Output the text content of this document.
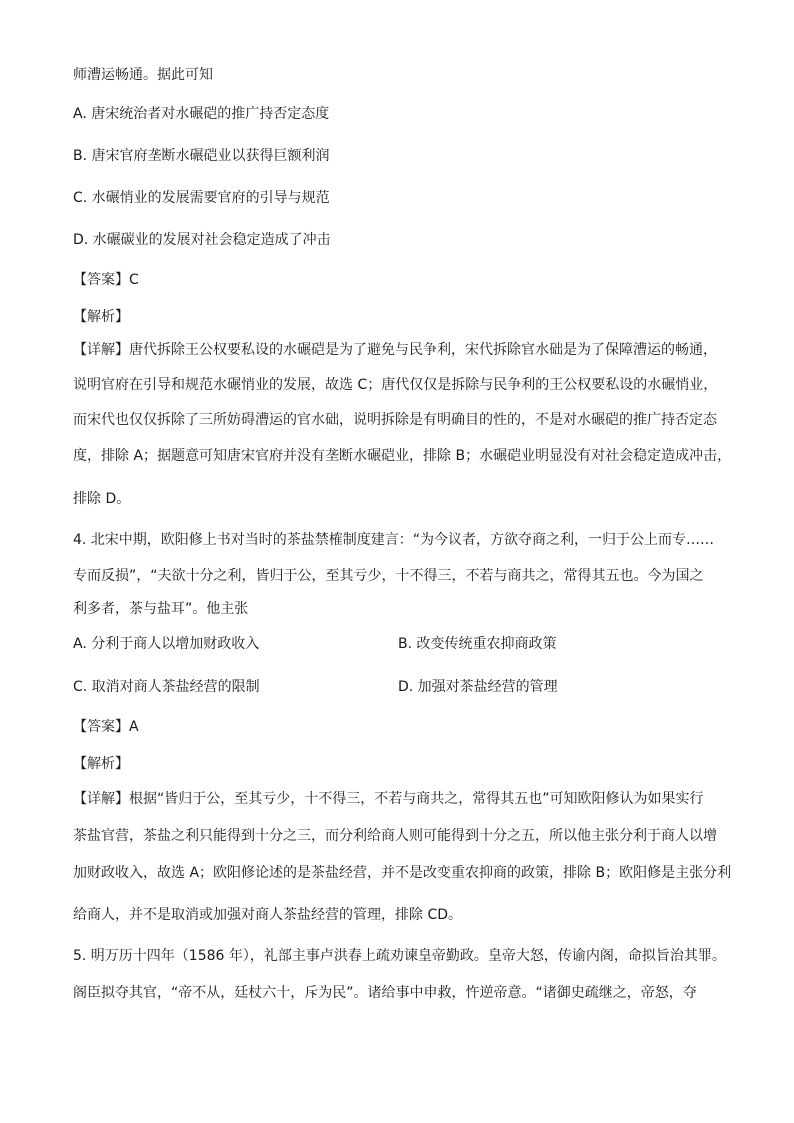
师漕运畅通。据此可知
A. 唐宋统治者对水碾硙的推广持否定态度
B. 唐宋官府垄断水碾硙业以获得巨额利润
C. 水碾悄业的发展需要官府的引导与规范
D. 水碾碳业的发展对社会稳定造成了冲击
【答案】C
【解析】
【详解】唐代拆除王公权要私设的水碾硙是为了避免与民争利，宋代拆除官水础是为了保障漕运的畅通，
说明官府在引导和规范水碾悄业的发展，故选 C；唐代仅仅是拆除与民争利的王公权要私设的水碾悄业，
而宋代也仅仅拆除了三所妨碍漕运的官水础，说明拆除是有明确目的性的，不是对水碾硙的推广持否定态
度，排除 A；据题意可知唐宋官府并没有垄断水碾硙业，排除 B；水碾硙业明显没有对社会稳定造成冲击，
排除 D。
4. 北宋中期，欧阳修上书对当时的茶盐禁榷制度建言：“为今议者，方欲夺商之利，一归于公上而专……
专而反损”，“夫欲十分之利，皆归于公，至其亏少，十不得三，不若与商共之，常得其五也。今为国之
利多者，茶与盐耳”。他主张
A. 分利于商人以增加财政收入	B. 改变传统重农抑商政策
C. 取消对商人茶盐经营的限制	D. 加强对茶盐经营的管理
【答案】A
【解析】
【详解】根据“皆归于公，至其亏少，十不得三，不若与商共之，常得其五也”可知欧阳修认为如果实行
茶盐官营，茶盐之利只能得到十分之三，而分利给商人则可能得到十分之五，所以他主张分利于商人以增
加财政收入，故选 A；欧阳修论述的是茶盐经营，并不是改变重农抑商的政策，排除 B；欧阳修是主张分利
给商人，并不是取消或加强对商人茶盐经营的管理，排除 CD。
5. 明万历十四年（1586 年），礼部主事卢洪春上疏劝谏皇帝勤政。皇帝大怒，传谕内阁，命拟旨治其罪。
阁臣拟夺其官，“帝不从，廷杖六十，斥为民”。诸给事中申救，忤逆帝意。“诸御史疏继之，帝怒，夺
